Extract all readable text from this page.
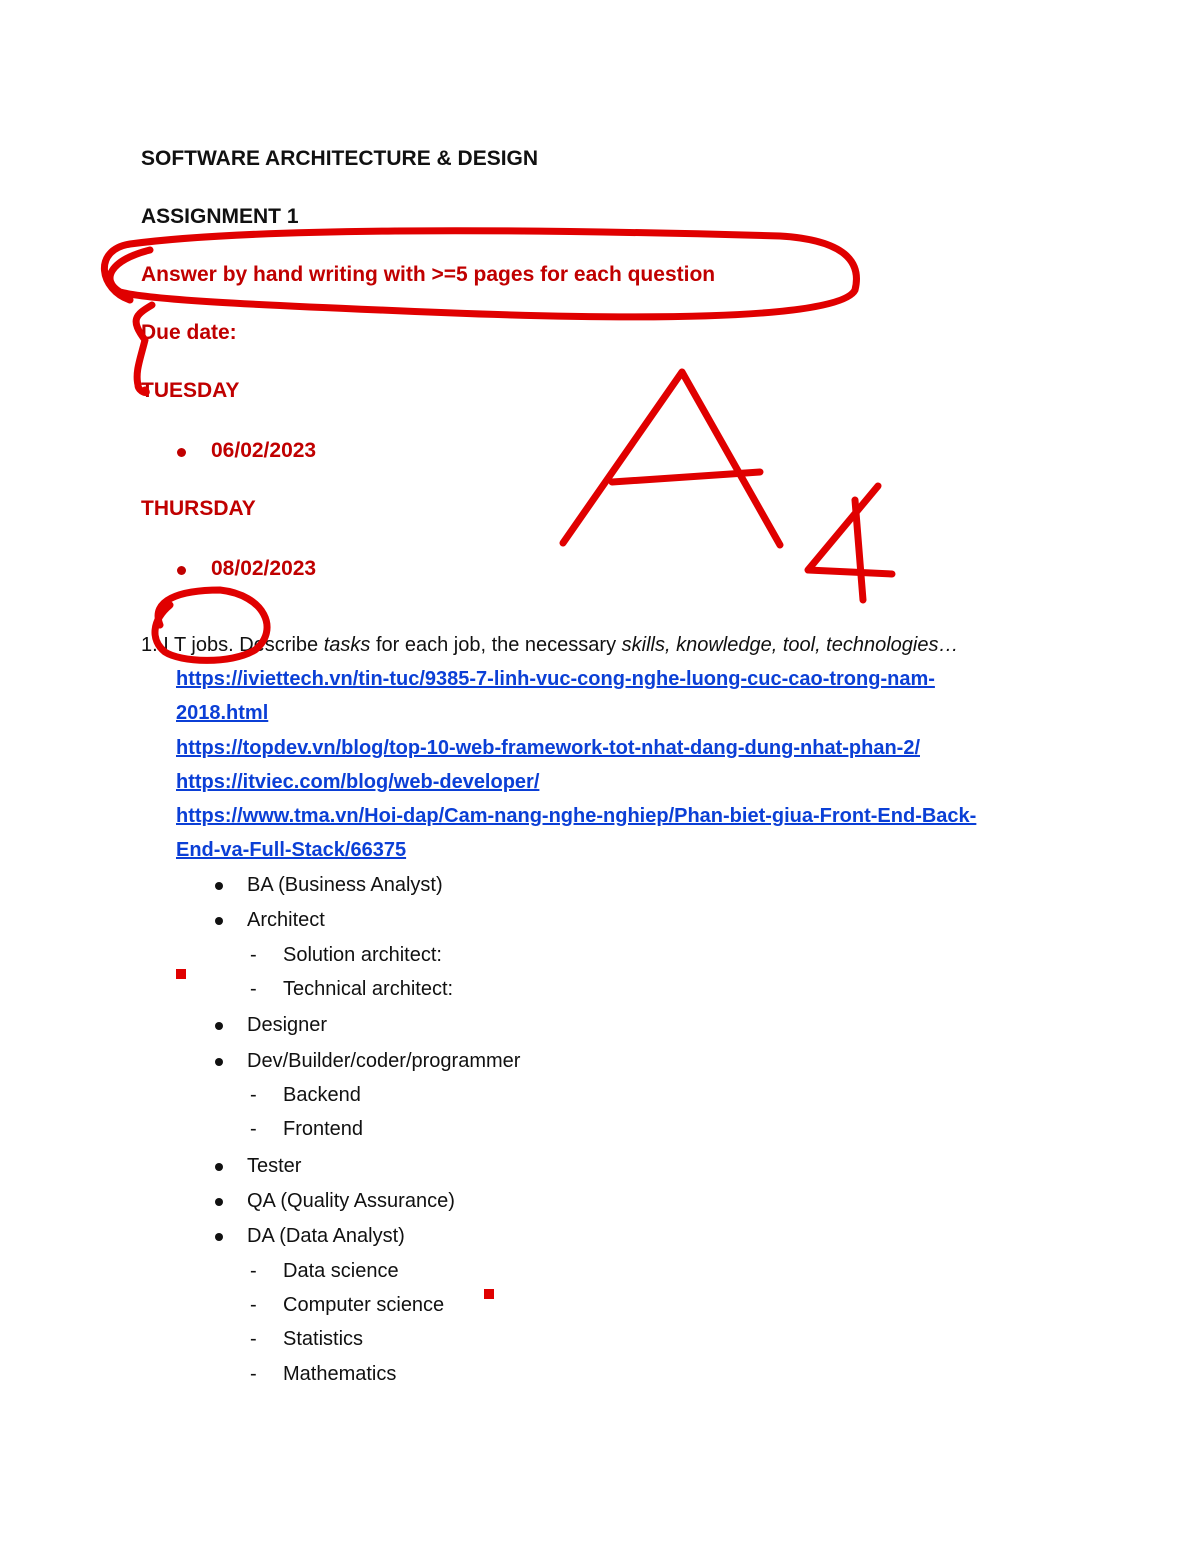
SOFTWARE ARCHITECTURE & DESIGN
ASSIGNMENT 1
Answer by hand writing with >=5 pages for each question
Due date:
TUESDAY
06/02/2023
THURSDAY
08/02/2023
1. I T jobs. Describe tasks for each job, the necessary skills, knowledge, tool, technologies…
https://iviettech.vn/tin-tuc/9385-7-linh-vuc-cong-nghe-luong-cuc-cao-trong-nam-
2018.html
https://topdev.vn/blog/top-10-web-framework-tot-nhat-dang-dung-nhat-phan-2/
https://itviec.com/blog/web-developer/
https://www.tma.vn/Hoi-dap/Cam-nang-nghe-nghiep/Phan-biet-giua-Front-End-Back-
End-va-Full-Stack/66375
BA (Business Analyst)
Architect
- Solution architect:
- Technical architect:
Designer
Dev/Builder/coder/programmer
- Backend
- Frontend
Tester
QA (Quality Assurance)
DA (Data Analyst)
- Data science
- Computer science
- Statistics
- Mathematics
